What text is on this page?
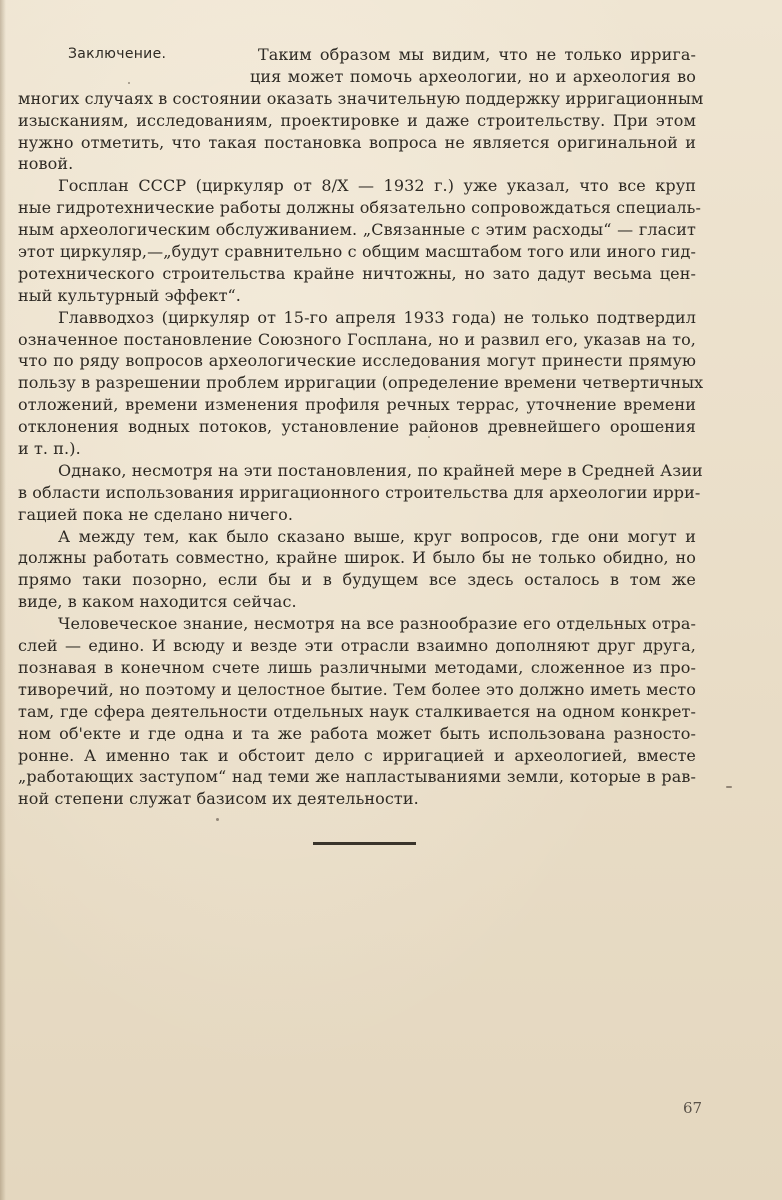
Заключение.	Таким образом мы видим, что не только ирригa-
ция может помочь археологии, но и археология во
многих случаях в состоянии оказать значительную поддержку ирригационным
изысканиям, исследованиям, проектировке и даже строительству. При этом
нужно отметить, что такая постановка вопроса не является оригинальной и
новой.
Госплан СССР (циркуляр от 8/X — 1932 г.) уже указал, что все круп
ные гидротехнические работы должны обязательно сопровождаться специаль-
ным археологическим обслуживанием. „Связанные с этим расходы“ — гласит
этот циркуляр,—„будут сравнительно с общим масштабом того или иного гид-
ротехнического строительства крайне ничтожны, но зато дадут весьма цен-
ный культурный эффект“.
Главводхоз (циркуляр от 15-го апреля 1933 года) не только подтвердил
означенное постановление Союзного Госплана, но и развил его, указав на то,
что по ряду вопросов археологические исследования могут принести прямую
пользу в разрешении проблем ирригации (определение времени четвертичных
отложений, времени изменения профиля речных террас, уточнение времени
отклонения водных потоков, установление районов древнейшего орошения
и т. п.).
Однако, несмотря на эти постановления, по крайней мере в Средней Азии
в области использования ирригационного строительства для археологии ирри-
гацией пока не сделано ничего.
А между тем, как было сказано выше, круг вопросов, где они могут и
должны работать совместно, крайне широк. И было бы не только обидно, но
прямо таки позорно, если бы и в будущем все здесь осталось в том же
виде, в каком находится сейчас.
Человеческое знание, несмотря на все разнообразие его отдельных отра-
слей — едино. И всюду и везде эти отрасли взаимно дополняют друг друга,
познавая в конечном счете лишь различными методами, сложенное из про-
тиворечий, но поэтому и целостное бытие. Тем более это должно иметь место
там, где сфера деятельности отдельных наук сталкивается на одном конкрет-
ном об'екте и где одна и та же работа может быть использована разносто-
ронне. А именно так и обстоит дело с ирригацией и археологией, вместе
„работающих заступом“ над теми же напластываниями земли, которые в рав-
ной степени служат базисом их деятельности.
67
